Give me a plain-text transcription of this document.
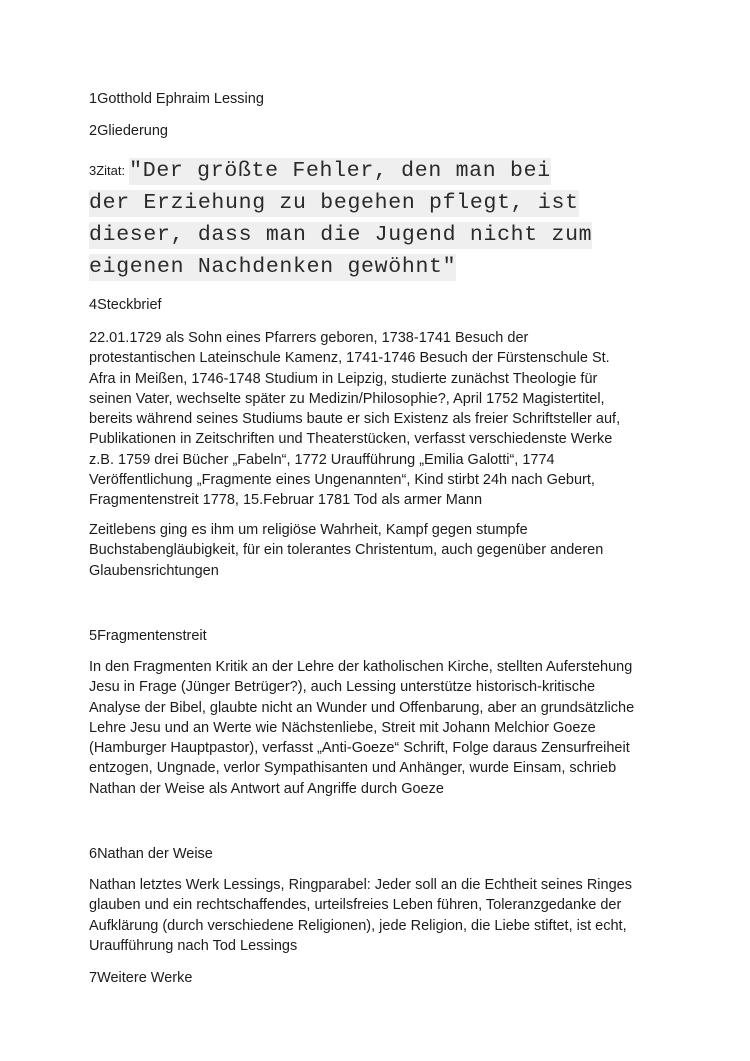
1Gotthold Ephraim Lessing

2Gliederung

3Zitat: "Der größte Fehler, den man bei
der Erziehung zu begehen pflegt, ist
dieser, dass man die Jugend nicht zum
eigenen Nachdenken gewöhnt"

4Steckbrief

22.01.1729 als Sohn eines Pfarrers geboren, 1738-1741 Besuch der
protestantischen Lateinschule Kamenz, 1741-1746 Besuch der Fürstenschule St.
Afra in Meißen, 1746-1748 Studium in Leipzig, studierte zunächst Theologie für
seinen Vater, wechselte später zu Medizin/Philosophie?, April 1752 Magistertitel,
bereits während seines Studiums baute er sich Existenz als freier Schriftsteller auf,
Publikationen in Zeitschriften und Theaterstücken, verfasst verschiedenste Werke
z.B. 1759 drei Bücher „Fabeln“, 1772 Uraufführung „Emilia Galotti“, 1774
Veröffentlichung „Fragmente eines Ungenannten“, Kind stirbt 24h nach Geburt,
Fragmentenstreit 1778, 15.Februar 1781 Tod als armer Mann

Zeitlebens ging es ihm um religiöse Wahrheit, Kampf gegen stumpfe
Buchstabengläubigkeit, für ein tolerantes Christentum, auch gegenüber anderen
Glaubensrichtungen

5Fragmentenstreit

In den Fragmenten Kritik an der Lehre der katholischen Kirche, stellten Auferstehung
Jesu in Frage (Jünger Betrüger?), auch Lessing unterstütze historisch-kritische
Analyse der Bibel, glaubte nicht an Wunder und Offenbarung, aber an grundsätzliche
Lehre Jesu und an Werte wie Nächstenliebe, Streit mit Johann Melchior Goeze
(Hamburger Hauptpastor), verfasst „Anti-Goeze“ Schrift, Folge daraus Zensurfreiheit
entzogen, Ungnade, verlor Sympathisanten und Anhänger, wurde Einsam, schrieb
Nathan der Weise als Antwort auf Angriffe durch Goeze

6Nathan der Weise

Nathan letztes Werk Lessings, Ringparabel: Jeder soll an die Echtheit seines Ringes
glauben und ein rechtschaffendes, urteilsfreies Leben führen, Toleranzgedanke der
Aufklärung (durch verschiedene Religionen), jede Religion, die Liebe stiftet, ist echt,
Uraufführung nach Tod Lessings

7Weitere Werke
